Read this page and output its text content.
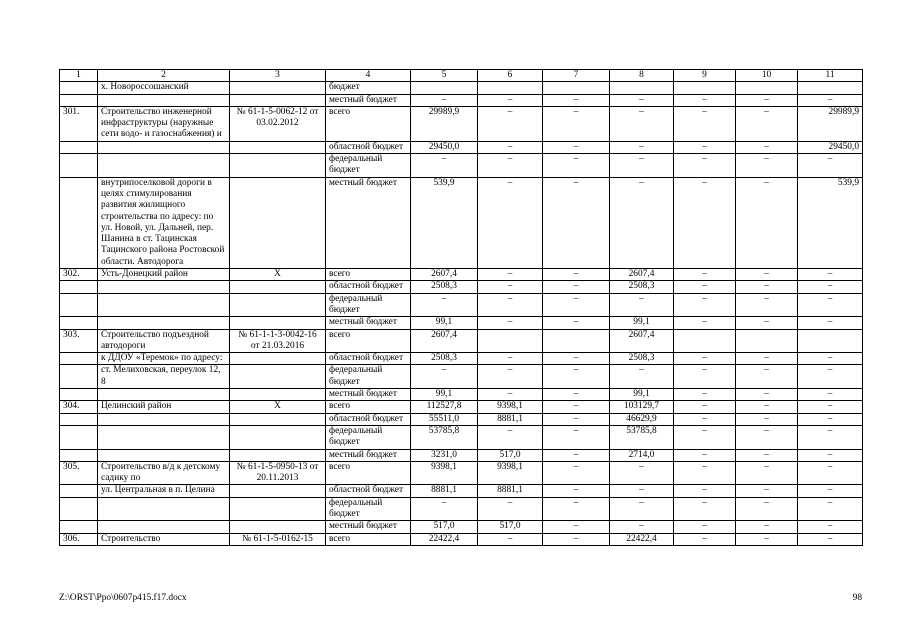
1	2	3	4	5	6	7	8	9	10	11
	х. Новороссошанский		бюджет							
			местный бюджет	–	–	–	–	–	–	–
301.	Строительство инженерной инфраструктуры (наружные сети водо- и газоснабжения) и	№ 61-1-5-0062-12 от 03.02.2012	всего	29989,9	–	–	–	–	–	29989,9
			областной бюджет	29450,0	–	–	–	–	–	29450,0
			федеральный бюджет	–	–	–	–	–	–	–
	внутрипоселковой дороги в целях стимулирования развития жилищного строительства по адресу: по ул. Новой, ул. Дальней, пер. Шанина в ст. Тацинская Тацинского района Ростовской области. Автодорога		местный бюджет	539,9	–	–	–	–	–	539,9
302.	Усть-Донецкий район	Х	всего	2607,4	–	–	2607,4	–	–	–
			областной бюджет	2508,3	–	–	2508,3	–	–	–
			федеральный бюджет	–	–	–	–	–	–	–
			местный бюджет	99,1	–	–	99,1	–	–	–
303.	Строительство подъездной автодороги	№ 61-1-1-3-0042-16 от 21.03.2016	всего	2607,4			2607,4			
	к ДДОУ «Теремок» по адресу:		областной бюджет	2508,3	–	–	2508,3	–	–	–
	ст. Мелиховская, переулок 12, 8		федеральный бюджет	–	–	–	–	–	–	–
			местный бюджет	99,1	–	–	99,1	–	–	–
304.	Целинский район	Х	всего	112527,8	9398,1	–	103129,7	–	–	–
			областной бюджет	55511,0	8881,1	–	46629,9	–	–	–
			федеральный бюджет	53785,8	–	–	53785,8	–	–	–
			местный бюджет	3231,0	517,0	–	2714,0	–	–	–
305.	Строительство в/д к детскому садику по	№ 61-1-5-0950-13 от 20.11.2013	всего	9398,1	9398,1	–	–	–	–	–
	ул. Центральная в п. Целина		областной бюджет	8881,1	8881,1	–	–	–	–	–
			федеральный бюджет	–	–	–	–	–	–	–
			местный бюджет	517,0	517,0	–	–	–	–	–
306.	Строительство	№ 61-1-5-0162-15	всего	22422,4	–	–	22422,4	–	–	–
Z:\ORST\Ppo\0607p415.f17.docx	98
